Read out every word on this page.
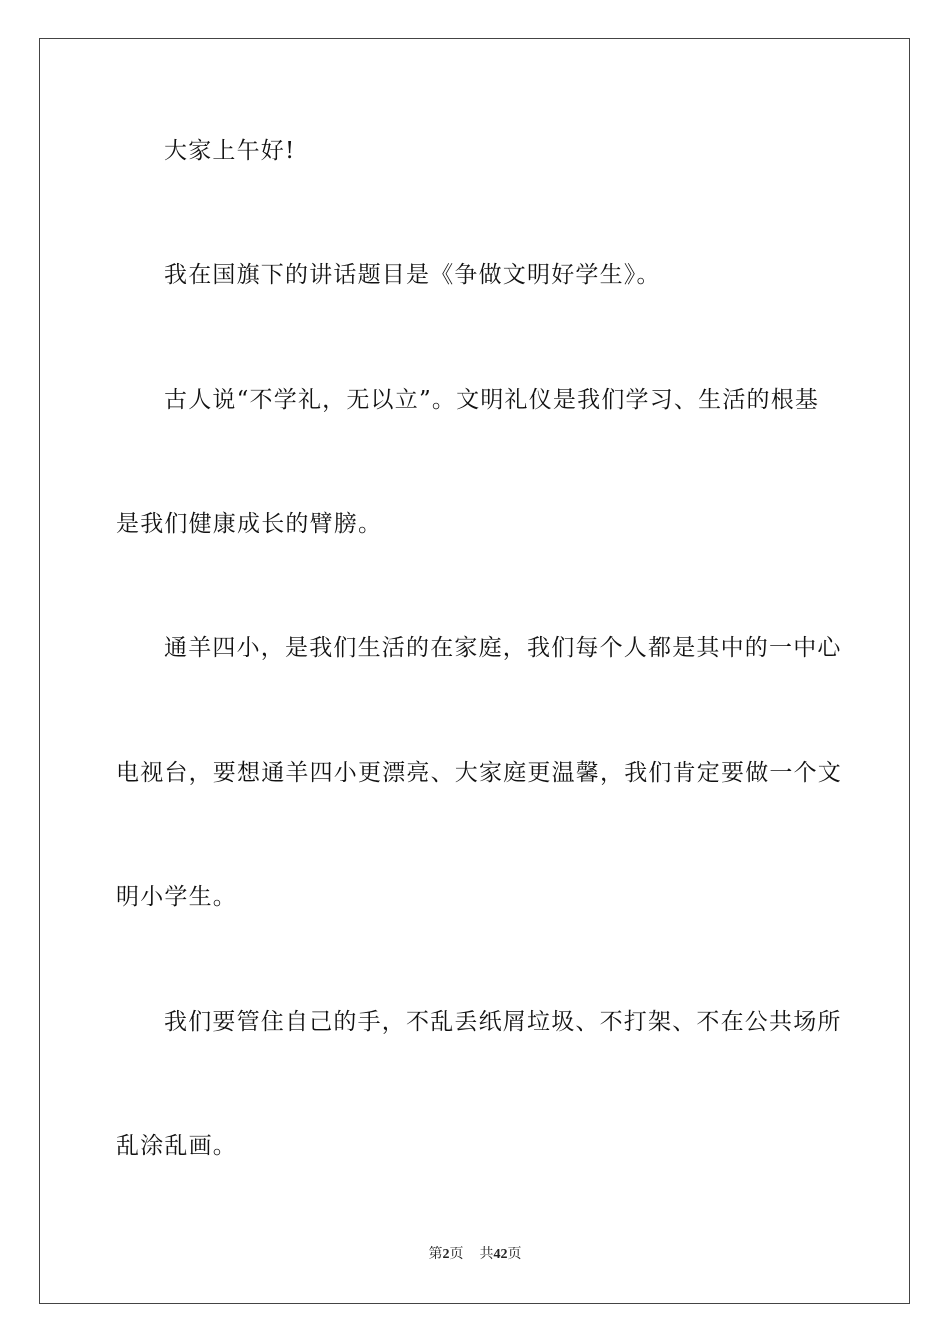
大家上午好!
我在国旗下的讲话题目是《争做文明好学生》。
古人说“不学礼，无以立”。文明礼仪是我们学习、生活的根基
是我们健康成长的臂膀。
通羊四小，是我们生活的在家庭，我们每个人都是其中的一中心
电视台，要想通羊四小更漂亮、大家庭更温馨，我们肯定要做一个文
明小学生。
我们要管住自己的手，不乱丢纸屑垃圾、不打架、不在公共场所
乱涂乱画。
第2页 共42页
